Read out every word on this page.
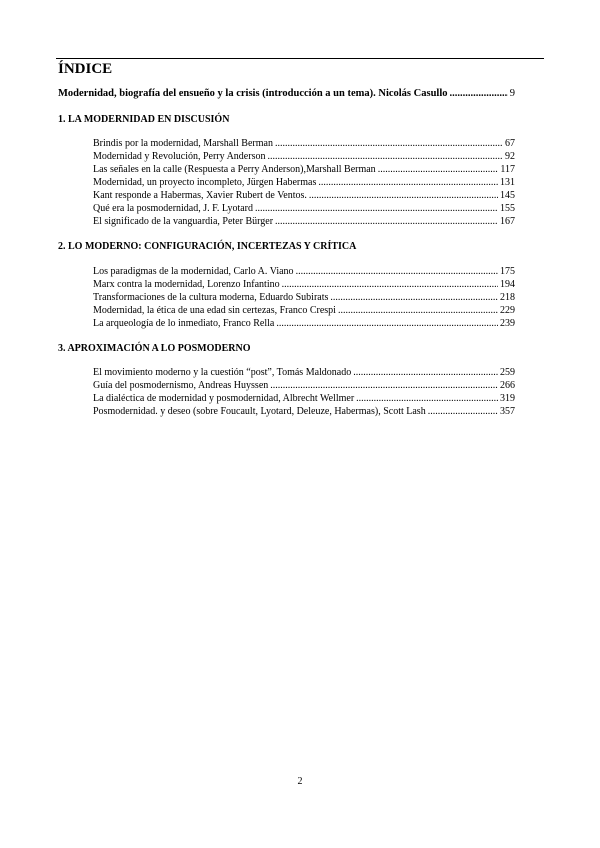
ÍNDICE
Modernidad, biografía del ensueño y la crisis (introducción a un tema). Nicolás Casullo .....	9
1. LA MODERNIDAD EN DISCUSIÓN
Brindis por la modernidad, Marshall Berman .....	67
Modernidad y Revolución, Perry Anderson .....	92
Las señales en la calle (Respuesta a Perry Anderson),Marshall Berman .....	117
Modernidad, un proyecto incompleto, Jürgen Habermas .....	131
Kant responde a Habermas, Xavier Rubert de Ventos. .....	145
Qué era la posmodernidad, J. F. Lyotard .....	155
El significado de la vanguardia, Peter Bürger .....	167
2. LO MODERNO: CONFIGURACIÓN, INCERTEZAS Y CRÍTICA
Los paradigmas de la modernidad, Carlo A. Viano .....	175
Marx contra la modernidad, Lorenzo Infantino .....	194
Transformaciones de la cultura moderna, Eduardo Subirats .....	218
Modernidad, la ética de una edad sin certezas, Franco Crespi .....	229
La arqueología de lo inmediato, Franco Rella .....	239
3. APROXIMACIÓN A LO POSMODERNO
El movimiento moderno y la cuestión “post”, Tomás Maldonado .....	259
Guía del posmodernismo, Andreas Huyssen .....	266
La dialéctica de modernidad y posmodernidad, Albrecht Wellmer .....	319
Posmodernidad. y deseo (sobre Foucault, Lyotard, Deleuze, Habermas), Scott Lash .....	357
2
